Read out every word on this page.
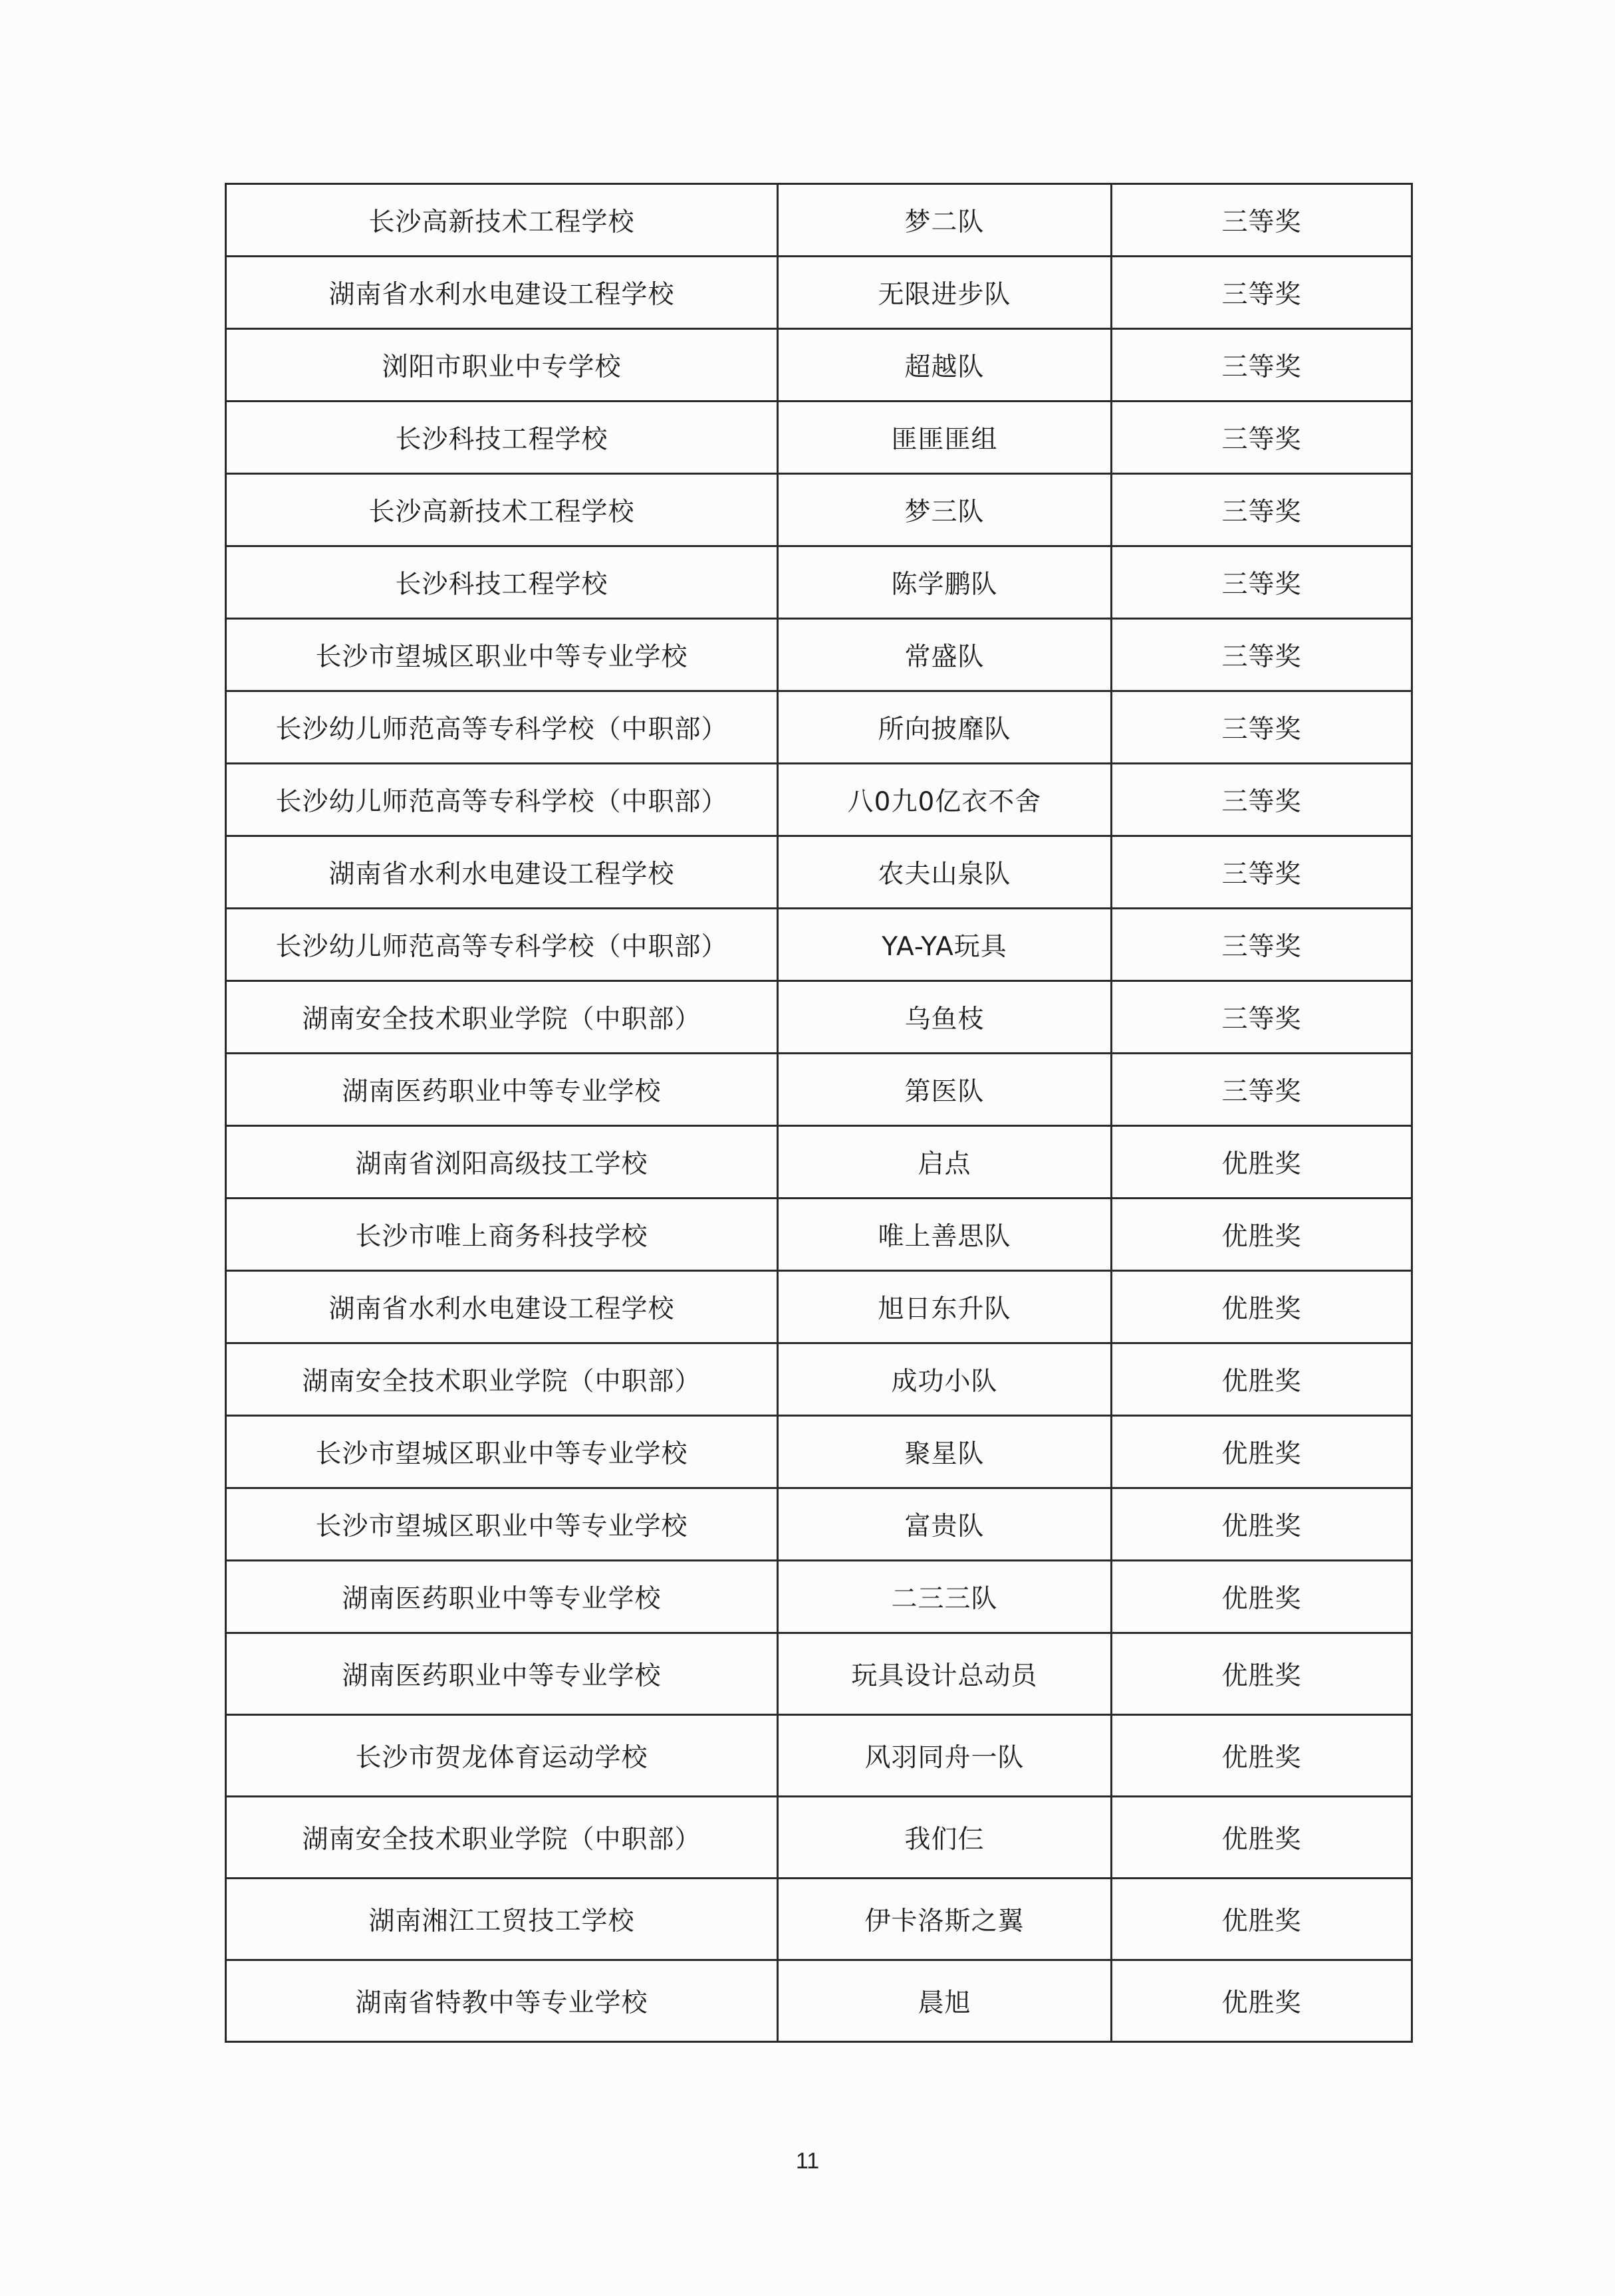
长沙高新技术工程学校	梦二队	三等奖
湖南省水利水电建设工程学校	无限进步队	三等奖
浏阳市职业中专学校	超越队	三等奖
长沙科技工程学校	匪匪匪组	三等奖
长沙高新技术工程学校	梦三队	三等奖
长沙科技工程学校	陈学鹏队	三等奖
长沙市望城区职业中等专业学校	常盛队	三等奖
长沙幼儿师范高等专科学校（中职部）	所向披靡队	三等奖
长沙幼儿师范高等专科学校（中职部）	八0九0亿衣不舍	三等奖
湖南省水利水电建设工程学校	农夫山泉队	三等奖
长沙幼儿师范高等专科学校（中职部）	YA-YA玩具	三等奖
湖南安全技术职业学院（中职部）	乌鱼枝	三等奖
湖南医药职业中等专业学校	第医队	三等奖
湖南省浏阳高级技工学校	启点	优胜奖
长沙市唯上商务科技学校	唯上善思队	优胜奖
湖南省水利水电建设工程学校	旭日东升队	优胜奖
湖南安全技术职业学院（中职部）	成功小队	优胜奖
长沙市望城区职业中等专业学校	聚星队	优胜奖
长沙市望城区职业中等专业学校	富贵队	优胜奖
湖南医药职业中等专业学校	二三三队	优胜奖
湖南医药职业中等专业学校	玩具设计总动员	优胜奖
长沙市贺龙体育运动学校	风羽同舟一队	优胜奖
湖南安全技术职业学院（中职部）	我们仨	优胜奖
湖南湘江工贸技工学校	伊卡洛斯之翼	优胜奖
湖南省特教中等专业学校	晨旭	优胜奖
11
